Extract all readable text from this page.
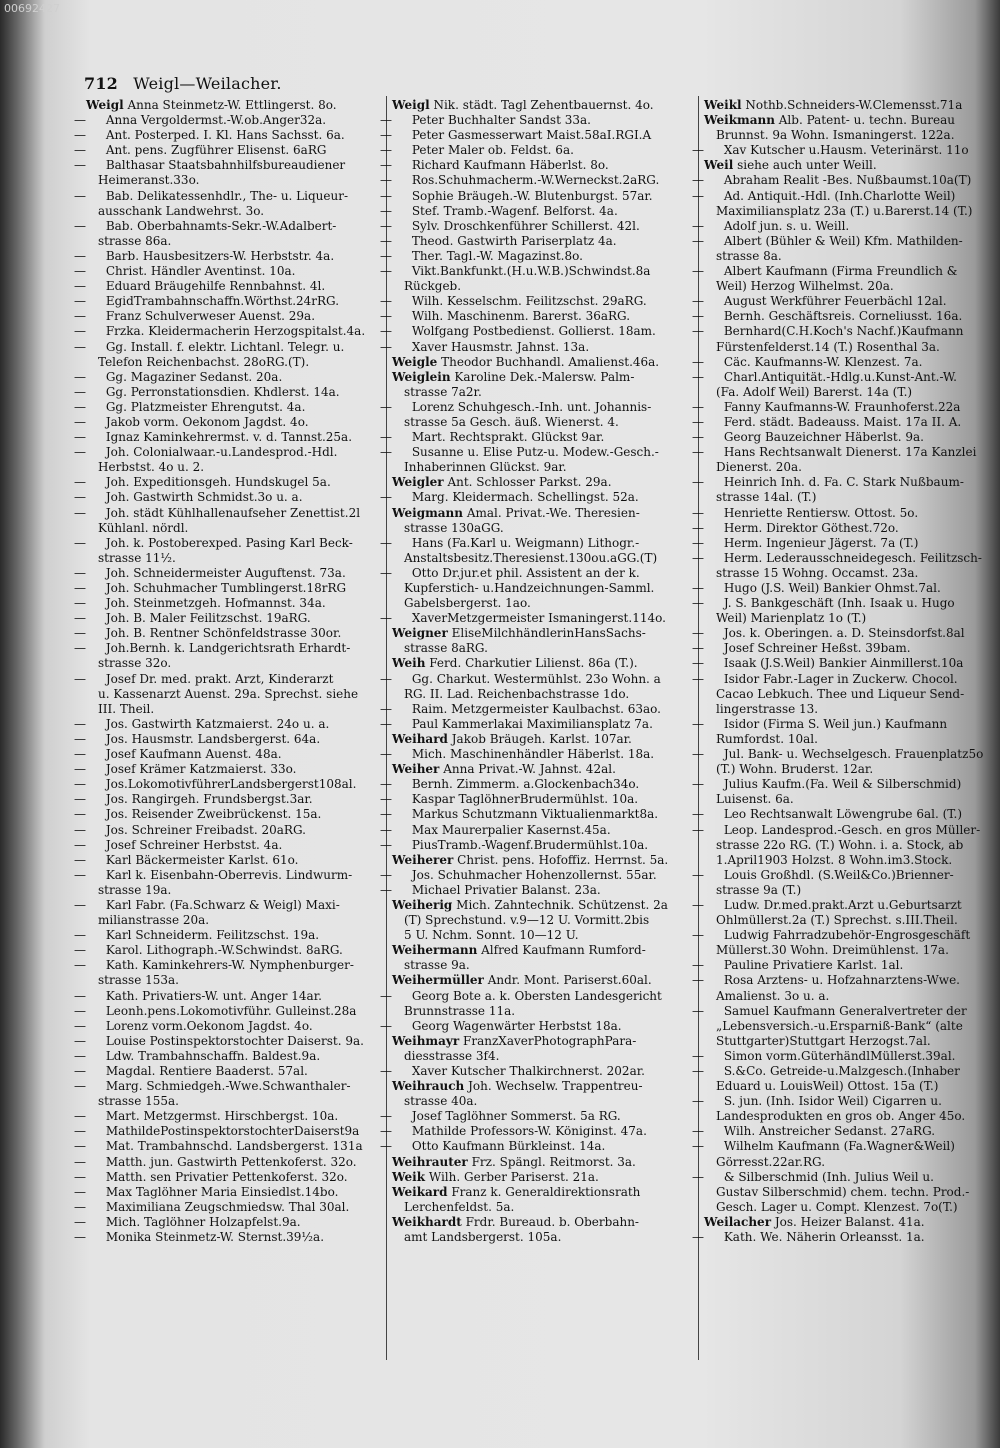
00692427
712 Weigl—Weilacher.
Weigl Anna Steinmetz-W. Ettlingerst. 8o.
— Anna Vergoldermst.-W.ob.Anger32a.
— Ant. Posterped. I. Kl. Hans Sachsst. 6a.
— Ant. pens. Zugführer Elisenst. 6aRG
— Balthasar Staatsbahnhilfsbureaudiener
Heimeranst.33o.
— Bab. Delikatessenhdlr., The- u. Liqueur-
ausschank Landwehrst. 3o.
— Bab. Oberbahnamts-Sekr.-W.Adalbert-
strasse 86a.
— Barb. Hausbesitzers-W. Herbststr. 4a.
— Christ. Händler Aventinst. 10a.
— Eduard Bräugehilfe Rennbahnst. 4l.
— EgidTrambahnschaffn.Wörthst.24rRG.
— Franz Schulverweser Auenst. 29a.
— Frzka. Kleidermacherin Herzogspitalst.4a.
— Gg. Install. f. elektr. Lichtanl. Telegr. u.
Telefon Reichenbachst. 28oRG.(T).
— Gg. Magaziner Sedanst. 20a.
— Gg. Perronstationsdien. Khdlerst. 14a.
— Gg. Platzmeister Ehrengutst. 4a.
— Jakob vorm. Oekonom Jagdst. 4o.
— Ignaz Kaminkehrermst. v. d. Tannst.25a.
— Joh. Colonialwaar.-u.Landesprod.-Hdl.
Herbstst. 4o u. 2.
— Joh. Expeditionsgeh. Hundskugel 5a.
— Joh. Gastwirth Schmidst.3o u. a.
— Joh. städt Kühlhallenaufseher Zenettist.2l
Kühlanl. nördl.
— Joh. k. Postoberexped. Pasing Karl Beck-
strasse 11½.
— Joh. Schneidermeister Auguftenst. 73a.
— Joh. Schuhmacher Tumblingerst.18rRG
— Joh. Steinmetzgeh. Hofmannst. 34a.
— Joh. B. Maler Feilitzschst. 19aRG.
— Joh. B. Rentner Schönfeldstrasse 30or.
— Joh.Bernh. k. Landgerichtsrath Erhardt-
strasse 32o.
— Josef Dr. med. prakt. Arzt, Kinderarzt
u. Kassenarzt Auenst. 29a. Sprechst. siehe
III. Theil.
— Jos. Gastwirth Katzmaierst. 24o u. a.
— Jos. Hausmstr. Landsbergerst. 64a.
— Josef Kaufmann Auenst. 48a.
— Josef Krämer Katzmaierst. 33o.
— Jos.LokomotivführerLandsbergerst108al.
— Jos. Rangirgeh. Frundsbergst.3ar.
— Jos. Reisender Zweibrückenst. 15a.
— Jos. Schreiner Freibadst. 20aRG.
— Josef Schreiner Herbstst. 4a.
— Karl Bäckermeister Karlst. 61o.
— Karl k. Eisenbahn-Oberrevis. Lindwurm-
strasse 19a.
— Karl Fabr. (Fa.Schwarz & Weigl) Maxi-
milianstrasse 20a.
— Karl Schneiderm. Feilitzschst. 19a.
— Karol. Lithograph.-W.Schwindst. 8aRG.
— Kath. Kaminkehrers-W. Nymphenburger-
strasse 153a.
— Kath. Privatiers-W. unt. Anger 14ar.
— Leonh.pens.Lokomotivführ. Gulleinst.28a
— Lorenz vorm.Oekonom Jagdst. 4o.
— Louise Postinspektorstochter Daiserst. 9a.
— Ldw. Trambahnschaffn. Baldest.9a.
— Magdal. Rentiere Baaderst. 57al.
— Marg. Schmiedgeh.-Wwe.Schwanthaler-
strasse 155a.
— Mart. Metzgermst. Hirschbergst. 10a.
— MathildePostinspektorstochterDaiserst9a
— Mat. Trambahnschd. Landsbergerst. 131a
— Matth. jun. Gastwirth Pettenkoferst. 32o.
— Matth. sen Privatier Pettenkoferst. 32o.
— Max Taglöhner Maria Einsiedlst.14bo.
— Maximiliana Zeugschmiedsw. Thal 30al.
— Mich. Taglöhner Holzapfelst.9a.
— Monika Steinmetz-W. Sternst.39½a.
Weigl Nik. städt. Tagl Zehentbauernst. 4o.
— Peter Buchhalter Sandst 33a.
— Peter Gasmesserwart Maist.58aI.RGI.A
— Peter Maler ob. Feldst. 6a.
— Richard Kaufmann Häberlst. 8o.
— Ros.Schuhmacherm.-W.Werneckst.2aRG.
— Sophie Bräugeh.-W. Blutenburgst. 57ar.
— Stef. Tramb.-Wagenf. Belforst. 4a.
— Sylv. Droschkenführer Schillerst. 42l.
— Theod. Gastwirth Pariserplatz 4a.
— Ther. Tagl.-W. Magazinst.8o.
— Vikt.Bankfunkt.(H.u.W.B.)Schwindst.8a
Rückgeb.
— Wilh. Kesselschm. Feilitzschst. 29aRG.
— Wilh. Maschinenm. Barerst. 36aRG.
— Wolfgang Postbedienst. Gollierst. 18am.
— Xaver Hausmstr. Jahnst. 13a.
Weigle Theodor Buchhandl. Amalienst.46a.
Weiglein Karoline Dek.-Malersw. Palm-
strasse 7a2r.
— Lorenz Schuhgesch.-Inh. unt. Johannis-
strasse 5a Gesch. äuß. Wienerst. 4.
— Mart. Rechtsprakt. Glückst 9ar.
— Susanne u. Elise Putz-u. Modew.-Gesch.-
Inhaberinnen Glückst. 9ar.
Weigler Ant. Schlosser Parkst. 29a.
— Marg. Kleidermach. Schellingst. 52a.
Weigmann Amal. Privat.-We. Theresien-
strasse 130aGG.
— Hans (Fa.Karl u. Weigmann) Lithogr.-
Anstaltsbesitz.Theresienst.130ou.aGG.(T)
— Otto Dr.jur.et phil. Assistent an der k.
Kupferstich- u.Handzeichnungen-Samml.
Gabelsbergerst. 1ao.
— XaverMetzgermeister Ismaningerst.114o.
Weigner EliseMilchhändlerinHansSachs-
strasse 8aRG.
Weih Ferd. Charkutier Lilienst. 86a (T.).
— Gg. Charkut. Westermühlst. 23o Wohn. a
RG. II. Lad. Reichenbachstrasse 1do.
— Raim. Metzgermeister Kaulbachst. 63ao.
— Paul Kammerlakai Maximiliansplatz 7a.
Weihard Jakob Bräugeh. Karlst. 107ar.
— Mich. Maschinenhändler Häberlst. 18a.
Weiher Anna Privat.-W. Jahnst. 42al.
— Bernh. Zimmerm. a.Glockenbach34o.
— Kaspar TaglöhnerBrudermühlst. 10a.
— Markus Schutzmann Viktualienmarkt8a.
— Max Maurerpalier Kasernst.45a.
— PiusTramb.-Wagenf.Brudermühlst.10a.
Weiherer Christ. pens. Hofoffiz. Herrnst. 5a.
— Jos. Schuhmacher Hohenzollernst. 55ar.
— Michael Privatier Balanst. 23a.
Weiherig Mich. Zahntechnik. Schützenst. 2a
(T) Sprechstund. v.9—12 U. Vormitt.2bis
5 U. Nchm. Sonnt. 10—12 U.
Weihermann Alfred Kaufmann Rumford-
strasse 9a.
Weihermüller Andr. Mont. Pariserst.60al.
— Georg Bote a. k. Obersten Landesgericht
Brunnstrasse 11a.
— Georg Wagenwärter Herbstst 18a.
Weihmayr FranzXaverPhotographPara-
diesstrasse 3f4.
— Xaver Kutscher Thalkirchnerst. 202ar.
Weihrauch Joh. Wechselw. Trappentreu-
strasse 40a.
— Josef Taglöhner Sommerst. 5a RG.
— Mathilde Professors-W. Königinst. 47a.
— Otto Kaufmann Bürkleinst. 14a.
Weihrauter Frz. Spängl. Reitmorst. 3a.
Weik Wilh. Gerber Pariserst. 21a.
Weikard Franz k. Generaldirektionsrath
Lerchenfeldst. 5a.
Weikhardt Frdr. Bureaud. b. Oberbahn-
amt Landsbergerst. 105a.
Weikl Nothb.Schneiders-W.Clemensst.71a
Weikmann Alb. Patent- u. techn. Bureau
Brunnst. 9a Wohn. Ismaningerst. 122a.
— Xav Kutscher u.Hausm. Veterinärst. 11o
Weil siehe auch unter Weill.
— Abraham Realit -Bes. Nußbaumst.10a(T)
— Ad. Antiquit.-Hdl. (Inh.Charlotte Weil)
Maximiliansplatz 23a (T.) u.Barerst.14 (T.)
— Adolf jun. s. u. Weill.
— Albert (Bühler & Weil) Kfm. Mathilden-
strasse 8a.
— Albert Kaufmann (Firma Freundlich &
Weil) Herzog Wilhelmst. 20a.
— August Werkführer Feuerbächl 12al.
— Bernh. Geschäftsreis. Corneliusst. 16a.
— Bernhard(C.H.Koch's Nachf.)Kaufmann
Fürstenfelderst.14 (T.) Rosenthal 3a.
— Cäc. Kaufmanns-W. Klenzest. 7a.
— Charl.Antiquität.-Hdlg.u.Kunst-Ant.-W.
(Fa. Adolf Weil) Barerst. 14a (T.)
— Fanny Kaufmanns-W. Fraunhoferst.22a
— Ferd. städt. Badeauss. Maist. 17a II. A.
— Georg Bauzeichner Häberlst. 9a.
— Hans Rechtsanwalt Dienerst. 17a Kanzlei
Dienerst. 20a.
— Heinrich Inh. d. Fa. C. Stark Nußbaum-
strasse 14al. (T.)
— Henriette Rentiersw. Ottost. 5o.
— Herm. Direktor Göthest.72o.
— Herm. Ingenieur Jägerst. 7a (T.)
— Herm. Lederausschneidegesch. Feilitzsch-
strasse 15 Wohng. Occamst. 23a.
— Hugo (J.S. Weil) Bankier Ohmst.7al.
— J. S. Bankgeschäft (Inh. Isaak u. Hugo
Weil) Marienplatz 1o (T.)
— Jos. k. Oberingen. a. D. Steinsdorfst.8al
— Josef Schreiner Heßst. 39bam.
— Isaak (J.S.Weil) Bankier Ainmillerst.10a
— Isidor Fabr.-Lager in Zuckerw. Chocol.
Cacao Lebkuch. Thee und Liqueur Send-
lingerstrasse 13.
— Isidor (Firma S. Weil jun.) Kaufmann
Rumfordst. 10al.
— Jul. Bank- u. Wechselgesch. Frauenplatz5o
(T.) Wohn. Bruderst. 12ar.
— Julius Kaufm.(Fa. Weil & Silberschmid)
Luisenst. 6a.
— Leo Rechtsanwalt Löwengrube 6al. (T.)
— Leop. Landesprod.-Gesch. en gros Müller-
strasse 22o RG. (T.) Wohn. i. a. Stock, ab
1.April1903 Holzst. 8 Wohn.im3.Stock.
— Louis Großhdl. (S.Weil&Co.)Brienner-
strasse 9a (T.)
— Ludw. Dr.med.prakt.Arzt u.Geburtsarzt
Ohlmüllerst.2a (T.) Sprechst. s.III.Theil.
— Ludwig Fahrradzubehör-Engrosgeschäft
Müllerst.30 Wohn. Dreimühlenst. 17a.
— Pauline Privatiere Karlst. 1al.
— Rosa Arztens- u. Hofzahnarztens-Wwe.
Amalienst. 3o u. a.
— Samuel Kaufmann Generalvertreter der
„Lebensversich.-u.Ersparniß-Bank“ (alte
Stuttgarter)Stuttgart Herzogst.7al.
— Simon vorm.GüterhändlMüllerst.39al.
— S.&Co. Getreide-u.Malzgesch.(Inhaber
Eduard u. LouisWeil) Ottost. 15a (T.)
— S. jun. (Inh. Isidor Weil) Cigarren u.
Landesprodukten en gros ob. Anger 45o.
— Wilh. Anstreicher Sedanst. 27aRG.
— Wilhelm Kaufmann (Fa.Wagner&Weil)
Görresst.22ar.RG.
— & Silberschmid (Inh. Julius Weil u.
Gustav Silberschmid) chem. techn. Prod.-
Gesch. Lager u. Compt. Klenzest. 7o(T.)
Weilacher Jos. Heizer Balanst. 41a.
— Kath. We. Näherin Orleansst. 1a.
